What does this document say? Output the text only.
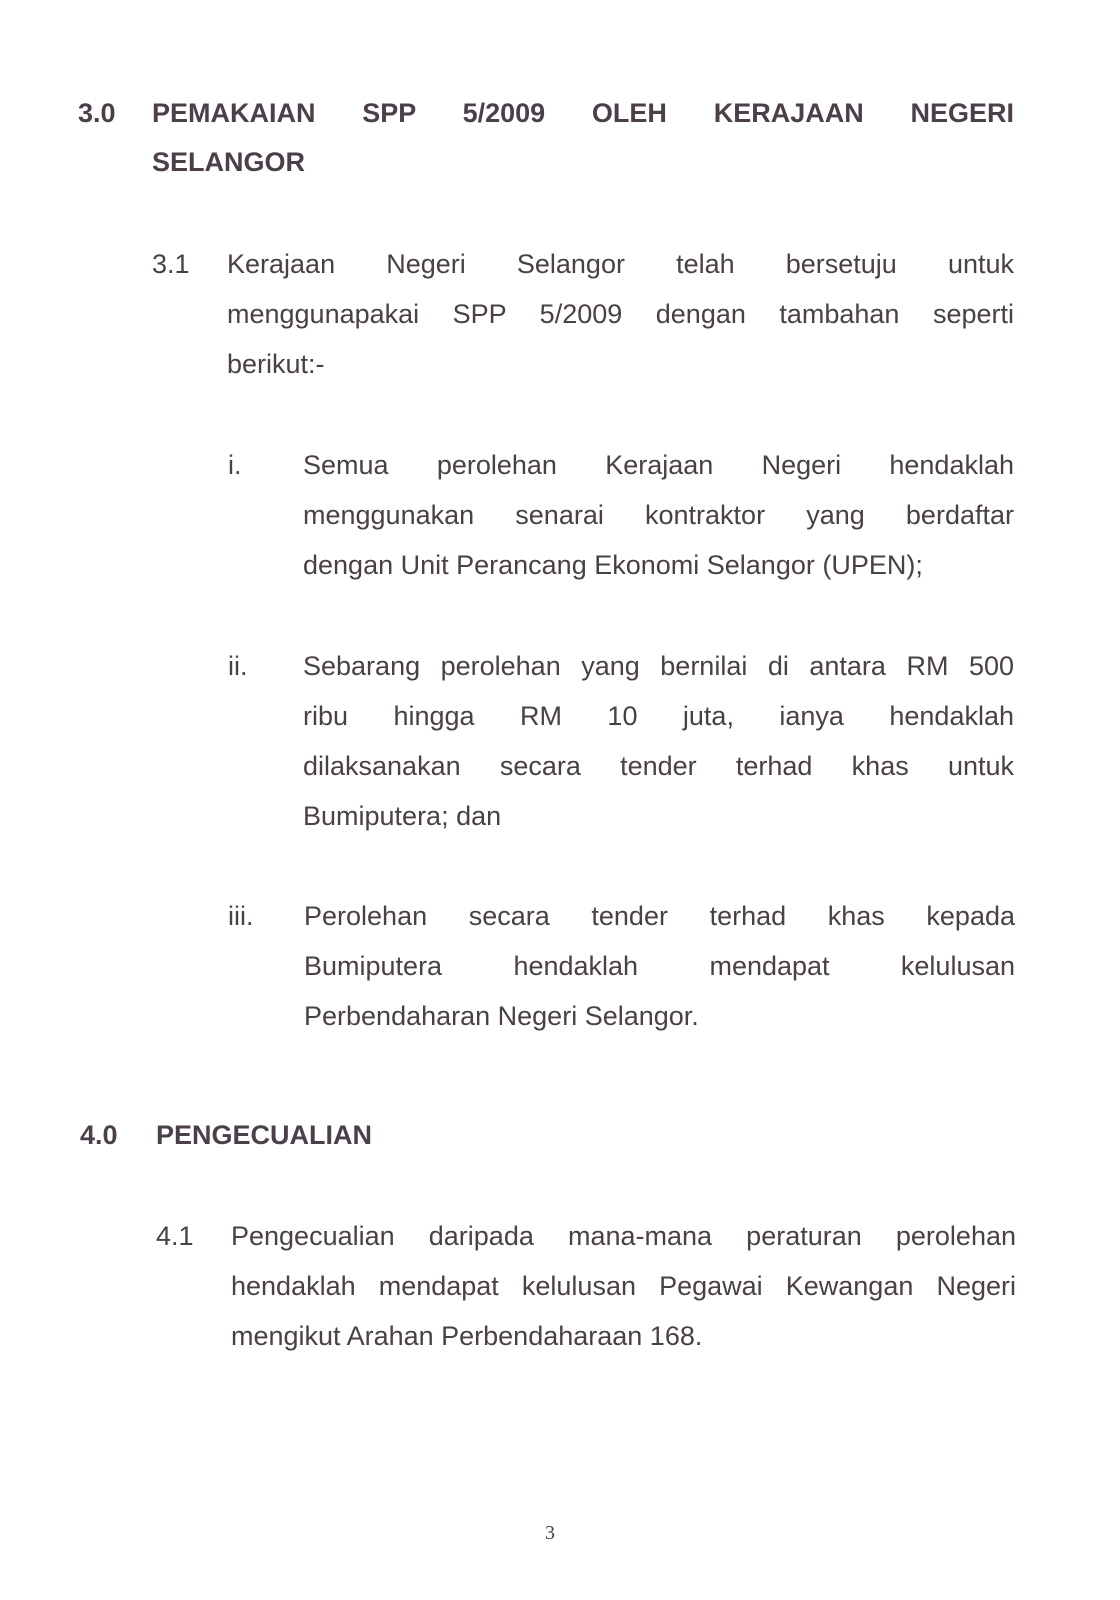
3.0 PEMAKAIAN SPP 5/2009 OLEH KERAJAAN NEGERI
SELANGOR
3.1 Kerajaan Negeri Selangor telah bersetuju untuk
menggunapakai SPP 5/2009 dengan tambahan seperti
berikut:-
i. Semua perolehan Kerajaan Negeri hendaklah
menggunakan senarai kontraktor yang berdaftar
dengan Unit Perancang Ekonomi Selangor (UPEN);
ii. Sebarang perolehan yang bernilai di antara RM 500
ribu hingga RM 10 juta, ianya hendaklah
dilaksanakan secara tender terhad khas untuk
Bumiputera; dan
iii. Perolehan secara tender terhad khas kepada
Bumiputera hendaklah mendapat kelulusan
Perbendaharan Negeri Selangor.
4.0 PENGECUALIAN
4.1 Pengecualian daripada mana-mana peraturan perolehan
hendaklah mendapat kelulusan Pegawai Kewangan Negeri
mengikut Arahan Perbendaharaan 168.
3
